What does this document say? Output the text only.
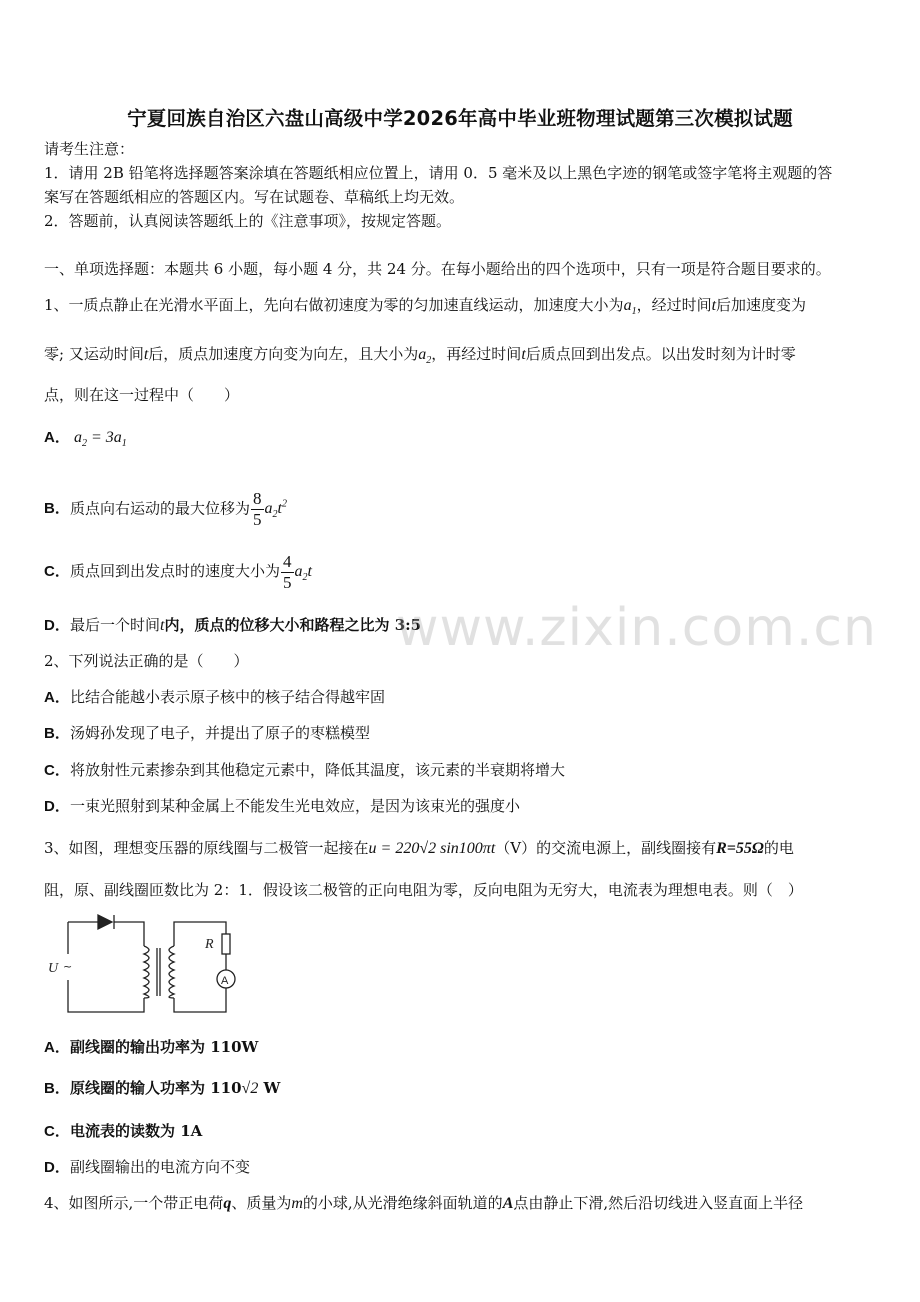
宁夏回族自治区六盘山高级中学2026年高中毕业班物理试题第三次模拟试题
请考生注意：
1．请用 2B 铅笔将选择题答案涂填在答题纸相应位置上，请用 0．5 毫米及以上黑色字迹的钢笔或签字笔将主观题的答
案写在答题纸相应的答题区内。写在试题卷、草稿纸上均无效。
2．答题前，认真阅读答题纸上的《注意事项》，按规定答题。
一、单项选择题：本题共 6 小题，每小题 4 分，共 24 分。在每小题给出的四个选项中，只有一项是符合题目要求的。
1、一质点静止在光滑水平面上，先向右做初速度为零的匀加速直线运动，加速度大小为$a_1$，经过时间t后加速度变为
零; 又运动时间t后，质点加速度方向变为向左，且大小为$a_2$，再经过时间t后质点回到出发点。以出发时刻为计时零
点，则在这一过程中（　　）
A． $a_2 = 3a_1$
B．质点向右运动的最大位移为 $\frac{8}{5} a_2t^2$
C．质点回到出发点时的速度大小为 $\frac{4}{5} a_2t$
D．最后一个时间t内，质点的位移大小和路程之比为 3:5
www.zixin.com.cn
2、下列说法正确的是（　　）
A．比结合能越小表示原子核中的核子结合得越牢固
B．汤姆孙发现了电子，并提出了原子的枣糕模型
C．将放射性元素掺杂到其他稳定元素中，降低其温度，该元素的半衰期将增大
D．一束光照射到某种金属上不能发生光电效应，是因为该束光的强度小
3、如图，理想变压器的原线圈与二极管一起接在u = 220√2 sin100πt（V）的交流电源上，副线圈接有R=55Ω的电
阻，原、副线圈匝数比为 2：1．假设该二极管的正向电阻为零，反向电阻为无穷大，电流表为理想电表。则（　）
U
R
A
~
A．副线圈的输出功率为 110W
B．原线圈的输人功率为 110√2 W
C．电流表的读数为 1A
D．副线圈输出的电流方向不变
4、如图所示,一个带正电荷q、质量为m的小球,从光滑绝缘斜面轨道的A点由静止下滑,然后沿切线进入竖直面上半径
